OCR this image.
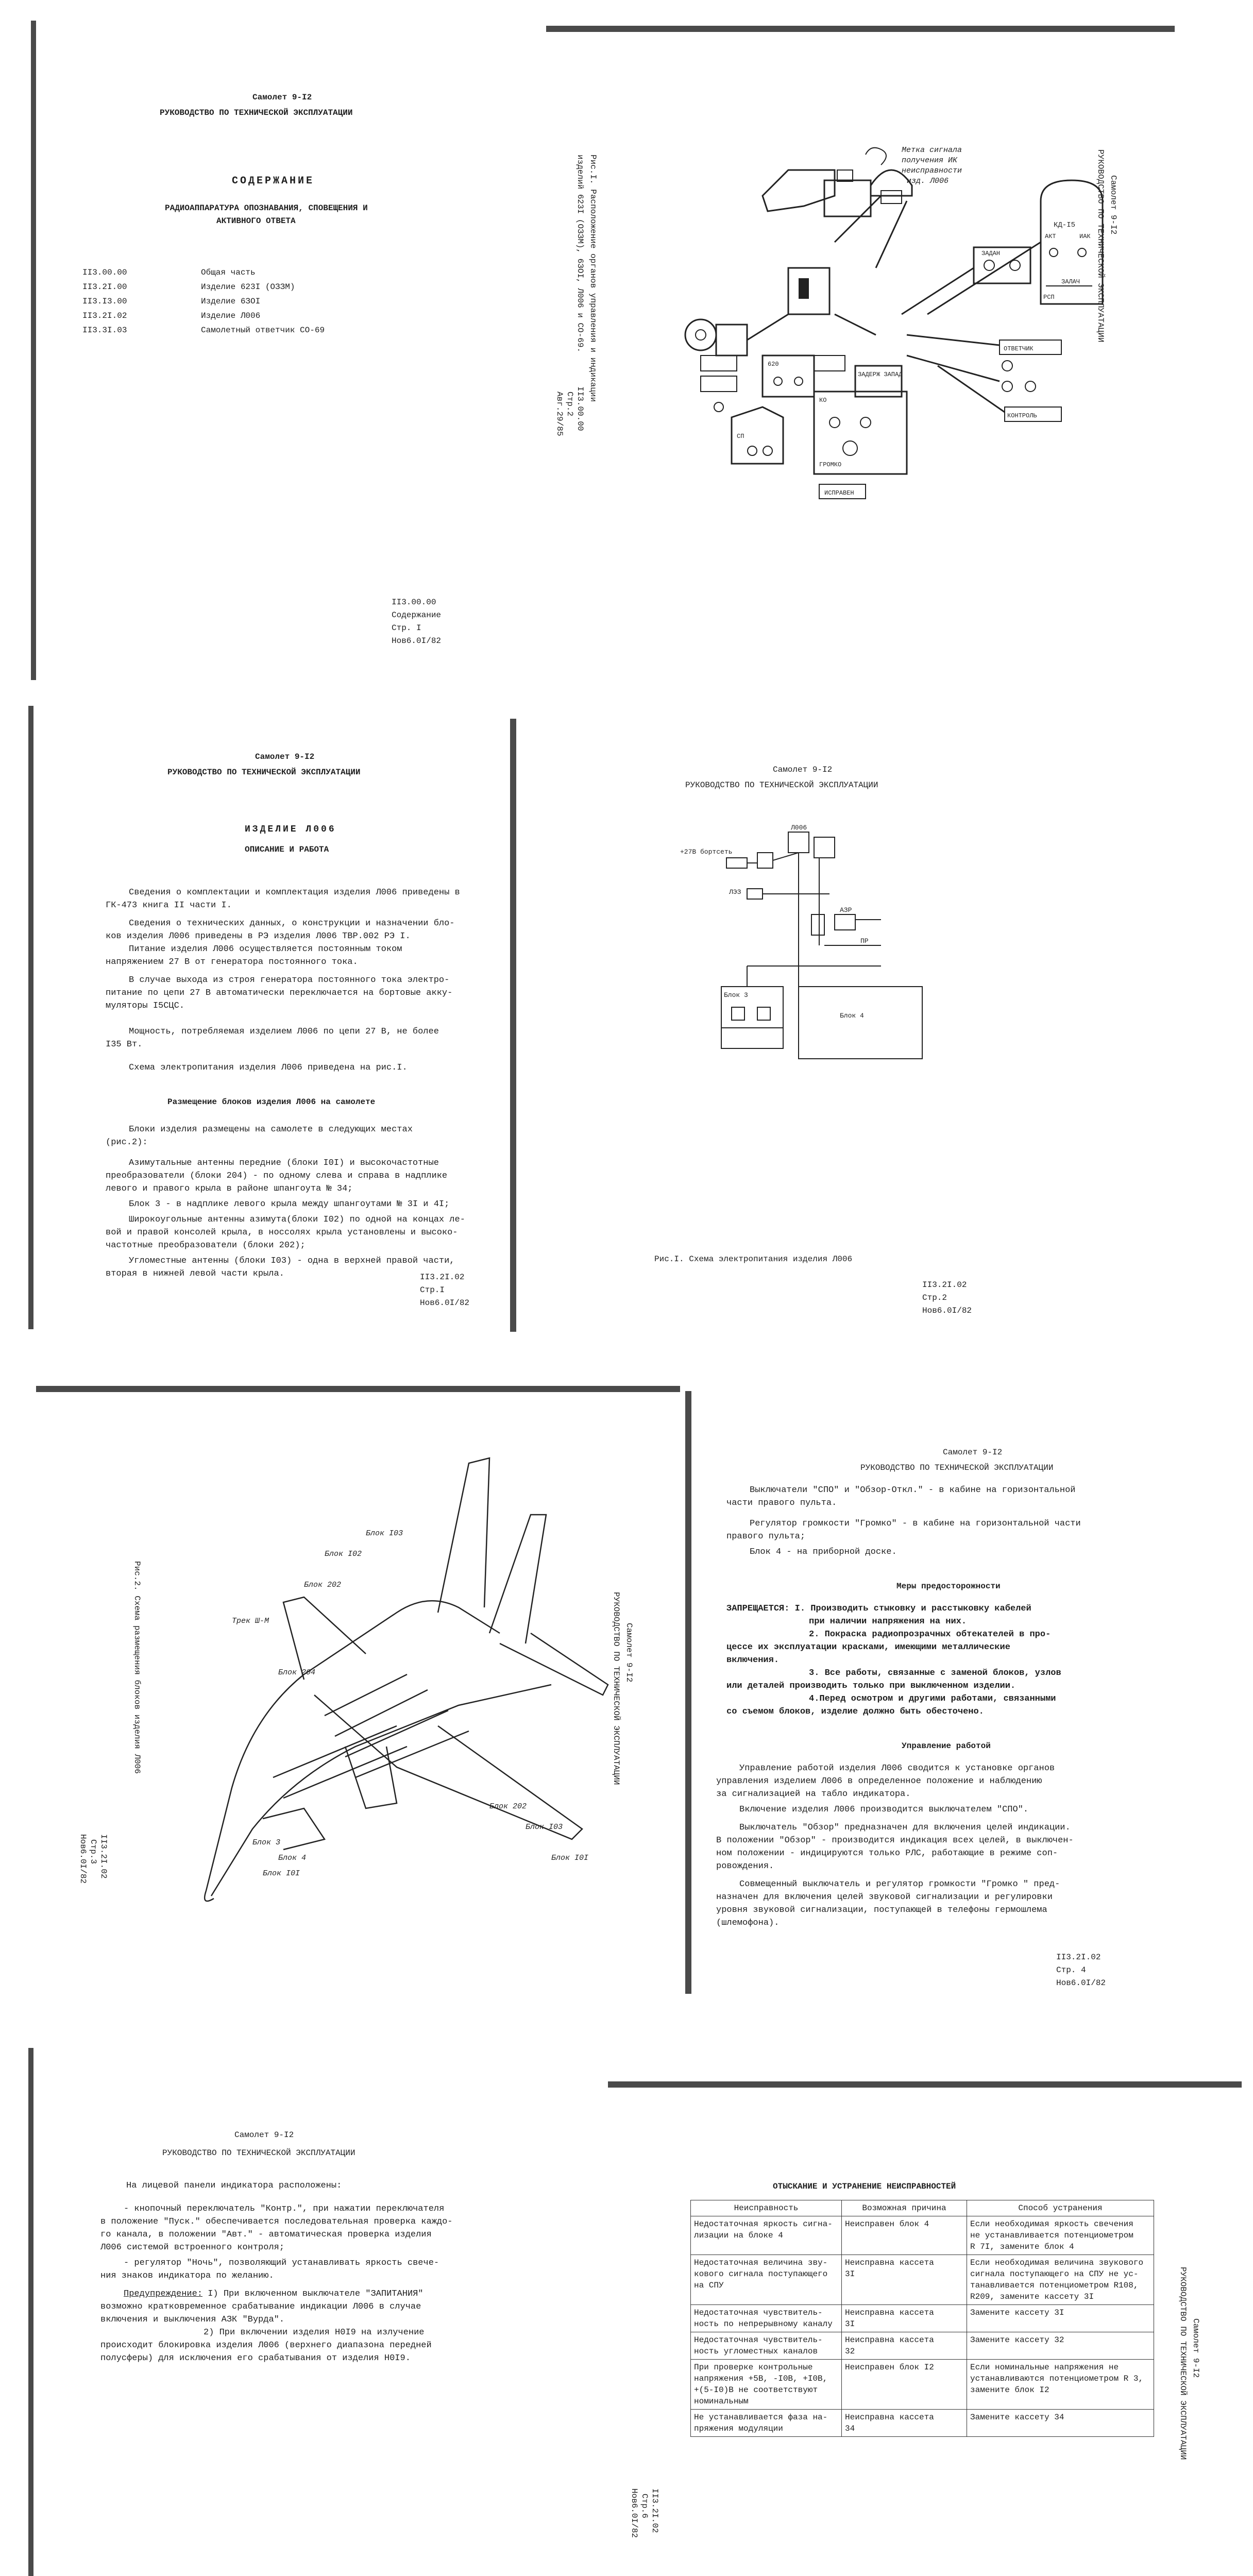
Самолет 9-I2
РУКОВОДСТВО ПО ТЕХНИЧЕСКОЙ ЭКСПЛУАТАЦИИ
СОДЕРЖАНИЕ
РАДИОАППАРАТУРА ОПОЗНАВАНИЯ, СПОВЕЩЕНИЯ И
АКТИВНОГО ОТВЕТА
II3.00.00	Общая часть
II3.2I.00	Изделие 623I (ОЗЗМ)
II3.I3.00	Изделие 6ЗОI
II3.2I.02	Изделие Л006
II3.3I.03	Самолетный ответчик СО-69
II3.00.00
Содержание
Стр. I
Нов6.0I/82
Самолет 9-I2
РУКОВОДСТВО ПО ТЕХНИЧЕСКОЙ ЭКСПЛУАТАЦИИ
Рис.I. Расположение органов управления и индикации
изделий 623I (ОЗЗМ), 6ЗОI, Л006 и СО-69.
II3.00.00
Стр.2
Авг.29/85
Метка сигнала
получения ИК
неисправности
изд. Л006
КД-I5
АКТ	ИАК
ЗАЛАЧ
РСП
ЗАДАН
620
СП
ЗАДЕРЖ ЗАПАД
КО
ГРОМКО
ИСПРАВЕН
ОТВЕТЧИК
КОНТРОЛЬ
Самолет 9-I2
РУКОВОДСТВО ПО ТЕХНИЧЕСКОЙ ЭКСПЛУАТАЦИИ
ИЗДЕЛИЕ Л006
ОПИСАНИЕ И РАБОТА
Сведения о комплектации и комплектация изделия Л006 приведены в
ГК-473 книга II части I.
Сведения о технических данных, о конструкции и назначении бло-
ков изделия Л006 приведены в РЭ изделия Л006 ТВР.002 РЭ I.
Питание изделия Л006 осуществляется постоянным током
напряжением 27 В от генератора постоянного тока.
В случае выхода из строя генератора постоянного тока электро-
питание по цепи 27 В автоматически переключается на бортовые акку-
муляторы I5СЦС.
Мощность, потребляемая изделием Л006 по цепи 27 В, не более
I35 Вт.
Схема электропитания изделия Л006 приведена на рис.I.
Размещение блоков изделия Л006 на самолете
Блоки изделия размещены на самолете в следующих местах
(рис.2):
Азимутальные антенны передние (блоки I0I) и высокочастотные
преобразователи (блоки 204) - по одному слева и справа в надплике
левого и правого крыла в районе шпангоута № 34;
Блок 3 - в надплике левого крыла между шпангоутами № 3I и 4I;
Широкоугольные антенны азимута(блоки I02) по одной на концах ле-
вой и правой консолей крыла, в носсолях крыла установлены и высоко-
частотные преобразователи (блоки 202);
Угломестные антенны (блоки I03) - одна в верхней правой части,
вторая в нижней левой части крыла.	II3.2I.02
Стр.I
Нов6.0I/82
Самолет 9-I2
РУКОВОДСТВО ПО ТЕХНИЧЕСКОЙ ЭКСПЛУАТАЦИИ
+27В бортсеть
ЛЭЗ
Л006
АЗР
ПР
Блок 3
Блок 4
Рис.I. Схема электропитания изделия Л006
II3.2I.02
Стр.2
Нов6.0I/82
Самолет 9-I2
РУКОВОДСТВО ПО ТЕХНИЧЕСКОЙ ЭКСПЛУАТАЦИИ
Рис.2. Схема размещения блоков изделия Л006
II3.2I.02
Стр.3
Нов6.0I/82
Блок I03
Блок 202
Блок I02
Блок 204
Блок 3
Блок 4
Блок I0I
Трек Ш-М
Блок 202
Блок I03
Блок I0I
Самолет 9-I2
РУКОВОДСТВО ПО ТЕХНИЧЕСКОЙ ЭКСПЛУАТАЦИИ
Выключатели "СПО" и "Обзор-Откл." - в кабине на горизонтальной
части правого пульта.
Регулятор громкости "Громко" - в кабине на горизонтальной части
правого пульта;
Блок 4 - на приборной доске.
Меры предосторожности
ЗАПРЕЩАЕТСЯ: I. Производить стыковку и расстыковку кабелей
при наличии напряжения на них.
2. Покраска радиопрозрачных обтекателей в про-
цессе их эксплуатации красками, имеющими металлические
включения.
3. Все работы, связанные с заменой блоков, узлов
или деталей производить только при выключенном изделии.
4.Перед осмотром и другими работами, связанными
со съемом блоков, изделие должно быть обесточено.
Управление работой
Управление работой изделия Л006 сводится к установке органов
управления изделием Л006 в определенное положение и наблюдению
за сигнализацией на табло индикатора.
Включение изделия Л006 производится выключателем "СПО".
Выключатель "Обзор" предназначен для включения целей индикации.
В положении "Обзор" - производится индикация всех целей, в выключен-
ном положении - индицируются только РЛС, работающие в режиме соп-
ровождения.
Совмещенный выключатель и регулятор громкости "Громко " пред-
назначен для включения целей звуковой сигнализации и регулировки
уровня звуковой сигнализации, поступающей в телефоны гермошлема
(шлемофона).
II3.2I.02
Стр. 4
Нов6.0I/82
Самолет 9-I2
РУКОВОДСТВО ПО ТЕХНИЧЕСКОЙ ЭКСПЛУАТАЦИИ
На лицевой панели индикатора расположены:
- кнопочный переключатель "Контр.", при нажатии переключателя
в положение "Пуск." обеспечивается последовательная проверка каждо-
го канала, в положении "Авт." - автоматическая проверка изделия
Л006 системой встроенного контроля;
- регулятор "Ночь", позволяющий устанавливать яркость свече-
ния знаков индикатора по желанию.
Предупреждение: I) При включенном выключателе "ЗАПИТАНИЯ"
возможно кратковременное срабатывание индикации Л006 в случае
включения и выключения АЗК "Вурда".
2) При включении изделия Н0I9 на излучение
происходит блокировка изделия Л006 (верхнего диапазона передней
полусферы) для исключения его срабатывания от изделия Н0I9.	Самолет 9-I2
РУКОВОДСТВО ПО ТЕХНИЧЕСКОЙ ЭКСПЛУАТАЦИИ
II3.2I.02
Стр.6
Нов6.0I/82
ОТЫСКАНИЕ И УСТРАНЕНИЕ НЕИСПРАВНОСТЕЙ
Неисправность	Возможная причина	Способ устранения
Недостаточная яркость сигна-
лизации на блоке 4	Неисправен блок 4	Если необходимая яркость свечения
не устанавливается потенциометром
R 7I, замените блок 4
Недостаточная величина зву-
кового сигнала поступающего
на СПУ	Неисправна кассета
3I	Если необходимая величина звукового
сигнала поступающего на СПУ не ус-
танавливается потенциометром R108,
R209, замените кассету 3I
Недостаточная чувствитель-
ность по непрерывному каналу	Неисправна кассета
3I	Замените кассету 3I
Недостаточная чувствитель-
ность угломестных каналов	Неисправна кассета
32	Замените кассету 32
При проверке контрольные
напряжения +5В, -I0В, +I0В,
+(5-I0)В не соответствуют
номинальным	Неисправен блок I2	Если номинальные напряжения не
устанавливаются потенциометром R 3,
замените блок I2
Не устанавливается фаза на-
пряжения модуляции	Неисправна кассета
34	Замените кассету 34
